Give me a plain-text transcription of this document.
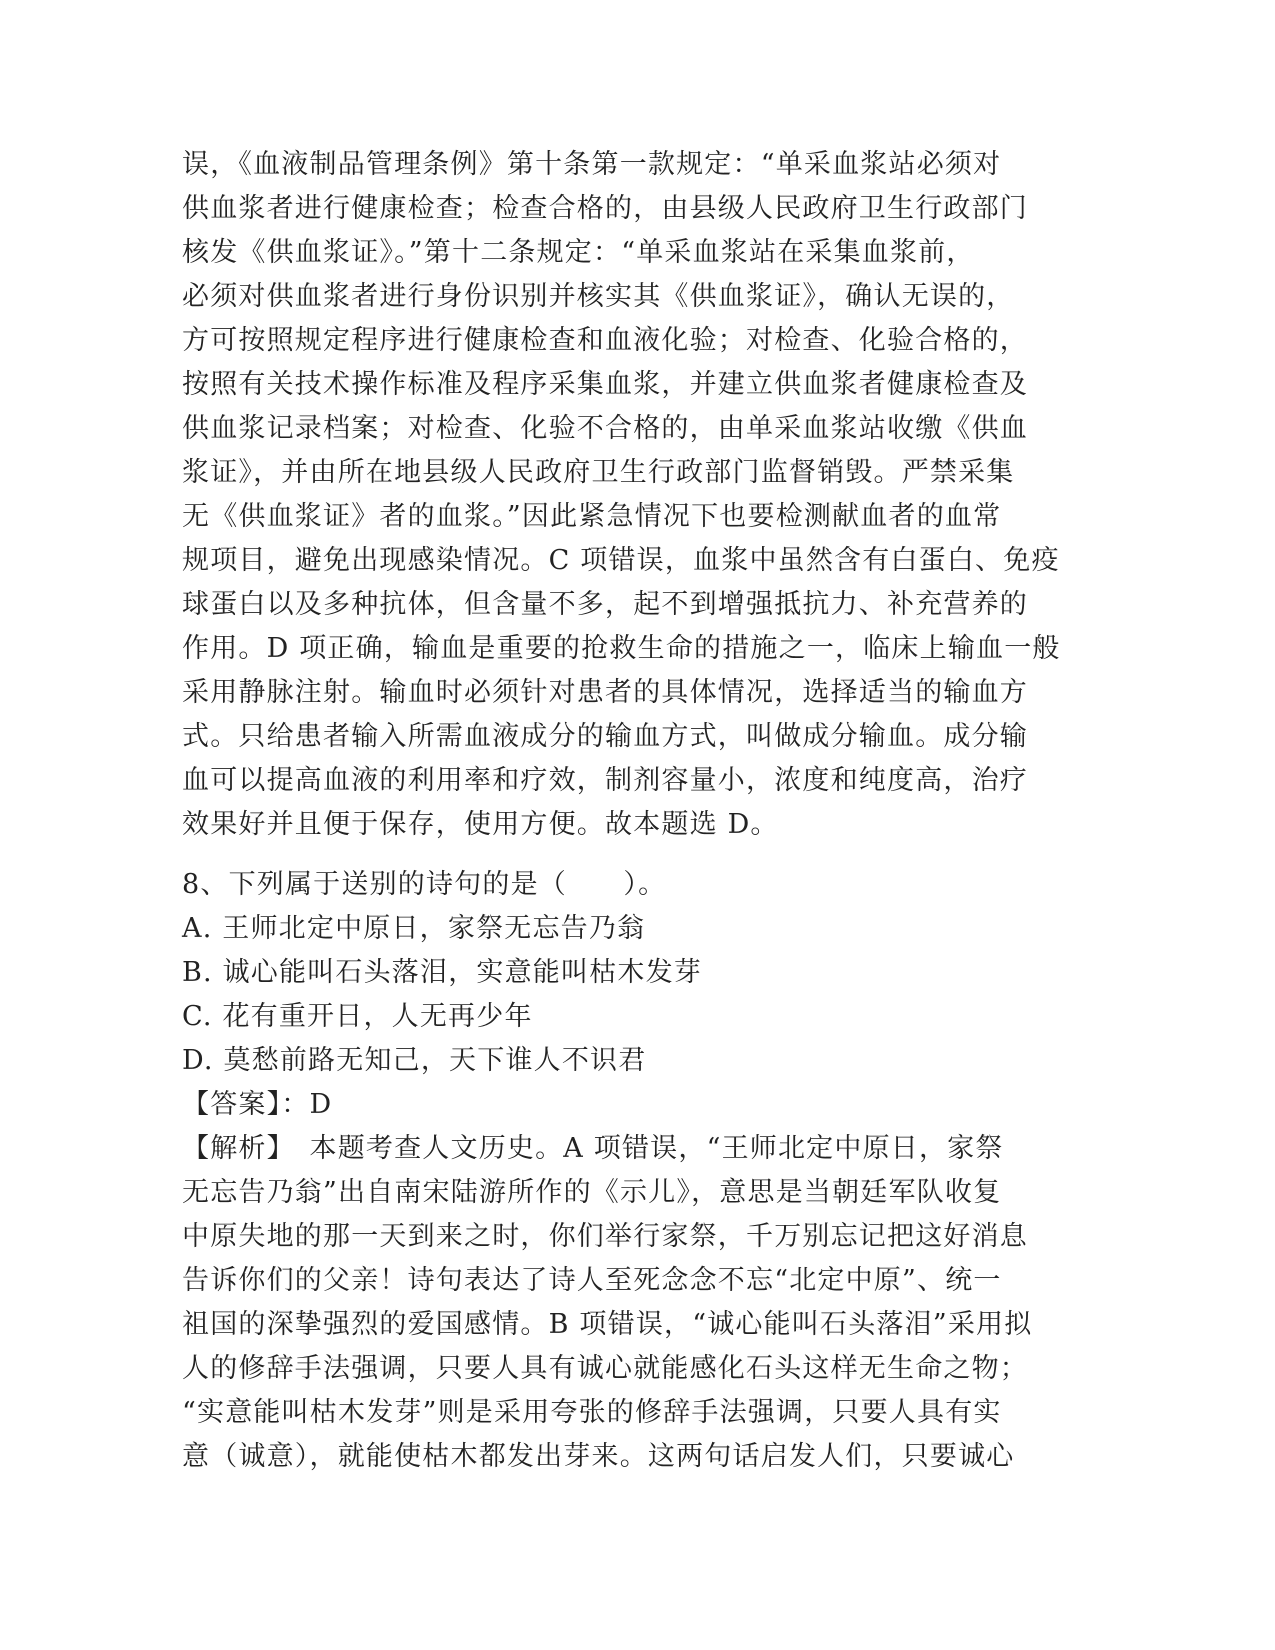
误，《血液制品管理条例》第十条第一款规定：“单采血浆站必须对
供血浆者进行健康检查；检查合格的，由县级人民政府卫生行政部门
核发《供血浆证》。”第十二条规定：“单采血浆站在采集血浆前，
必须对供血浆者进行身份识别并核实其《供血浆证》，确认无误的，
方可按照规定程序进行健康检查和血液化验；对检查、化验合格的，
按照有关技术操作标准及程序采集血浆，并建立供血浆者健康检查及
供血浆记录档案；对检查、化验不合格的，由单采血浆站收缴《供血
浆证》，并由所在地县级人民政府卫生行政部门监督销毁。严禁采集
无《供血浆证》者的血浆。”因此紧急情况下也要检测献血者的血常
规项目，避免出现感染情况。C 项错误，血浆中虽然含有白蛋白、免疫
球蛋白以及多种抗体，但含量不多，起不到增强抵抗力、补充营养的
作用。D 项正确，输血是重要的抢救生命的措施之一，临床上输血一般
采用静脉注射。输血时必须针对患者的具体情况，选择适当的输血方
式。只给患者输入所需血液成分的输血方式，叫做成分输血。成分输
血可以提高血液的利用率和疗效，制剂容量小，浓度和纯度高，治疗
效果好并且便于保存，使用方便。故本题选 D。
8、下列属于送别的诗句的是（　　）。
A. 王师北定中原日，家祭无忘告乃翁
B. 诚心能叫石头落泪，实意能叫枯木发芽
C. 花有重开日，人无再少年
D. 莫愁前路无知己，天下谁人不识君
【答案】：D
【解析】　本题考查人文历史。A 项错误，“王师北定中原日，家祭
无忘告乃翁”出自南宋陆游所作的《示儿》，意思是当朝廷军队收复
中原失地的那一天到来之时，你们举行家祭，千万别忘记把这好消息
告诉你们的父亲！诗句表达了诗人至死念念不忘“北定中原”、统一
祖国的深挚强烈的爱国感情。B 项错误，“诚心能叫石头落泪”采用拟
人的修辞手法强调，只要人具有诚心就能感化石头这样无生命之物；
“实意能叫枯木发芽”则是采用夸张的修辞手法强调，只要人具有实
意（诚意），就能使枯木都发出芽来。这两句话启发人们，只要诚心
